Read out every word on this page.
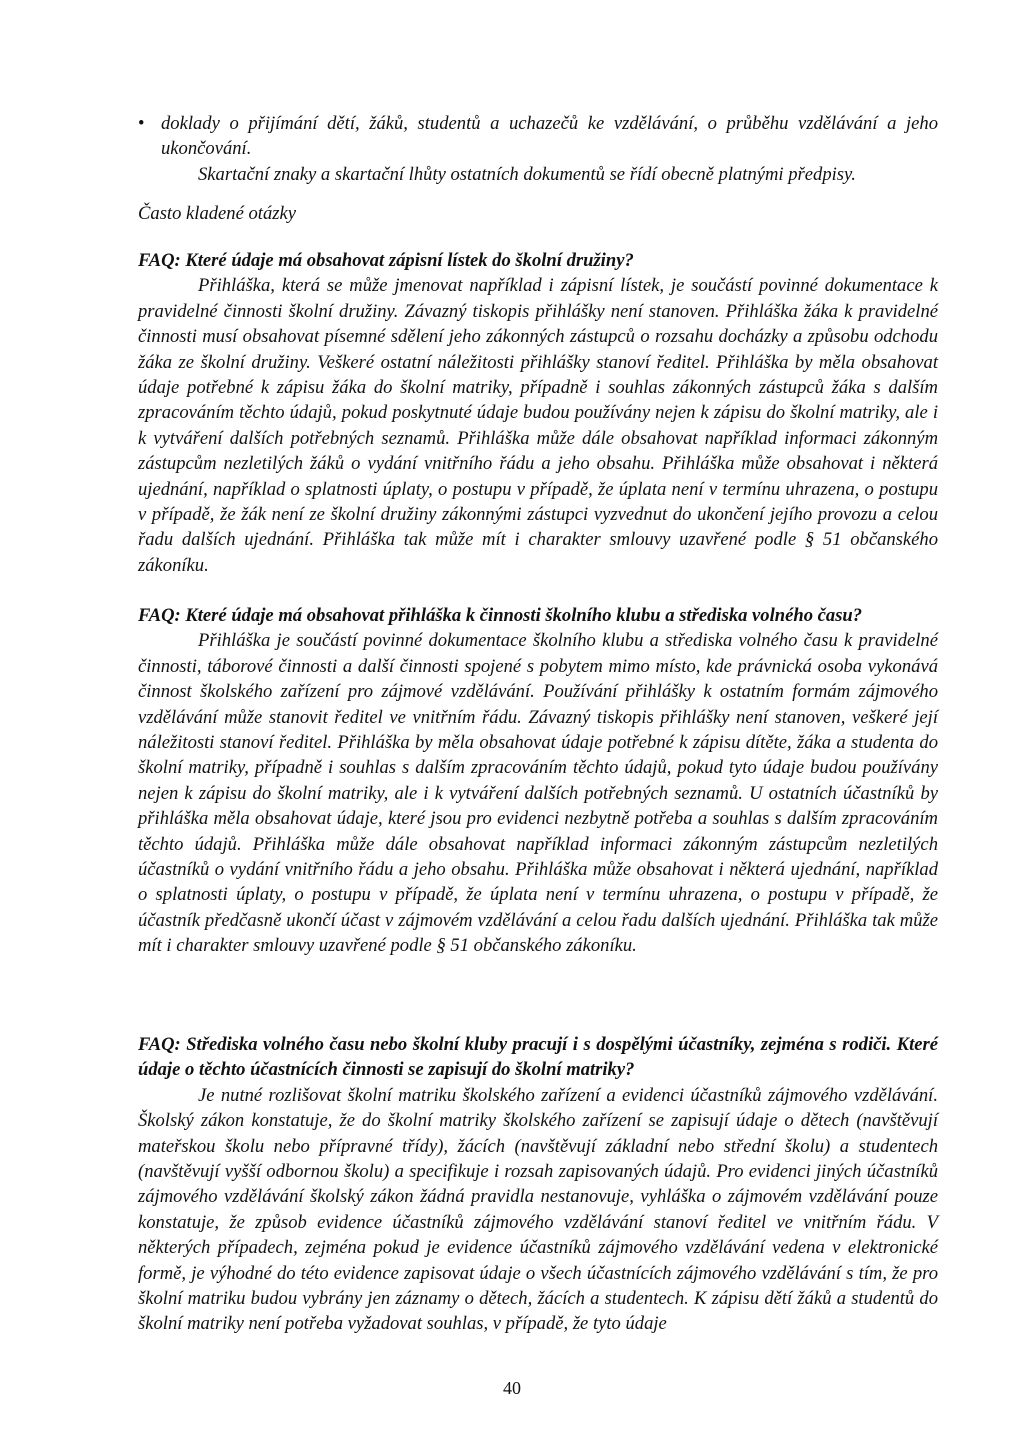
• doklady o přijímání dětí, žáků, studentů a uchazečů ke vzdělávání, o průběhu vzdělávání a jeho ukončování.

Skartační znaky a skartační lhůty ostatních dokumentů se řídí obecně platnými předpisy.

Často kladené otázky

FAQ: Které údaje má obsahovat zápisní lístek do školní družiny?

Přihláška, která se může jmenovat například i zápisní lístek, je součástí povinné dokumentace k pravidelné činnosti školní družiny. Závazný tiskopis přihlášky není stanoven. Přihláška žáka k pravidelné činnosti musí obsahovat písemné sdělení jeho zákonných zástupců o rozsahu docházky a způsobu odchodu žáka ze školní družiny. Veškeré ostatní náležitosti přihlášky stanoví ředitel. Přihláška by měla obsahovat údaje potřebné k zápisu žáka do školní matriky, případně i souhlas zákonných zástupců žáka s dalším zpracováním těchto údajů, pokud poskytnuté údaje budou používány nejen k zápisu do školní matriky, ale i k vytváření dalších potřebných seznamů. Přihláška může dále obsahovat například informaci zákonným zástupcům nezletilých žáků o vydání vnitřního řádu a jeho obsahu. Přihláška může obsahovat i některá ujednání, například o splatnosti úplaty, o postupu v případě, že úplata není v termínu uhrazena, o postupu v případě, že žák není ze školní družiny zákonnými zástupci vyzvednut do ukončení jejího provozu a celou řadu dalších ujednání. Přihláška tak může mít i charakter smlouvy uzavřené podle § 51 občanského zákoníku.

FAQ: Které údaje má obsahovat přihláška k činnosti školního klubu a střediska volného času?

Přihláška je součástí povinné dokumentace školního klubu a střediska volného času k pravidelné činnosti, táborové činnosti a další činnosti spojené s pobytem mimo místo, kde právnická osoba vykonává činnost školského zařízení pro zájmové vzdělávání. Používání přihlášky k ostatním formám zájmového vzdělávání může stanovit ředitel ve vnitřním řádu. Závazný tiskopis přihlášky není stanoven, veškeré její náležitosti stanoví ředitel. Přihláška by měla obsahovat údaje potřebné k zápisu dítěte, žáka a studenta do školní matriky, případně i souhlas s dalším zpracováním těchto údajů, pokud tyto údaje budou používány nejen k zápisu do školní matriky, ale i k vytváření dalších potřebných seznamů. U ostatních účastníků by přihláška měla obsahovat údaje, které jsou pro evidenci nezbytně potřeba a souhlas s dalším zpracováním těchto údajů. Přihláška může dále obsahovat například informaci zákonným zástupcům nezletilých účastníků o vydání vnitřního řádu a jeho obsahu. Přihláška může obsahovat i některá ujednání, například o splatnosti úplaty, o postupu v případě, že úplata není v termínu uhrazena, o postupu v případě, že účastník předčasně ukončí účast v zájmovém vzdělávání a celou řadu dalších ujednání. Přihláška tak může mít i charakter smlouvy uzavřené podle § 51 občanského zákoníku.

FAQ: Střediska volného času nebo školní kluby pracují i s dospělými účastníky, zejména s rodiči. Které údaje o těchto účastnících činnosti se zapisují do školní matriky?

Je nutné rozlišovat školní matriku školského zařízení a evidenci účastníků zájmového vzdělávání. Školský zákon konstatuje, že do školní matriky školského zařízení se zapisují údaje o dětech (navštěvují mateřskou školu nebo přípravné třídy), žácích (navštěvují základní nebo střední školu) a studentech (navštěvují vyšší odbornou školu) a specifikuje i rozsah zapisovaných údajů. Pro evidenci jiných účastníků zájmového vzdělávání školský zákon žádná pravidla nestanovuje, vyhláška o zájmovém vzdělávání pouze konstatuje, že způsob evidence účastníků zájmového vzdělávání stanoví ředitel ve vnitřním řádu. V některých případech, zejména pokud je evidence účastníků zájmového vzdělávání vedena v elektronické formě, je výhodné do této evidence zapisovat údaje o všech účastnících zájmového vzdělávání s tím, že pro školní matriku budou vybrány jen záznamy o dětech, žácích a studentech. K zápisu dětí žáků a studentů do školní matriky není potřeba vyžadovat souhlas, v případě, že tyto údaje

40
